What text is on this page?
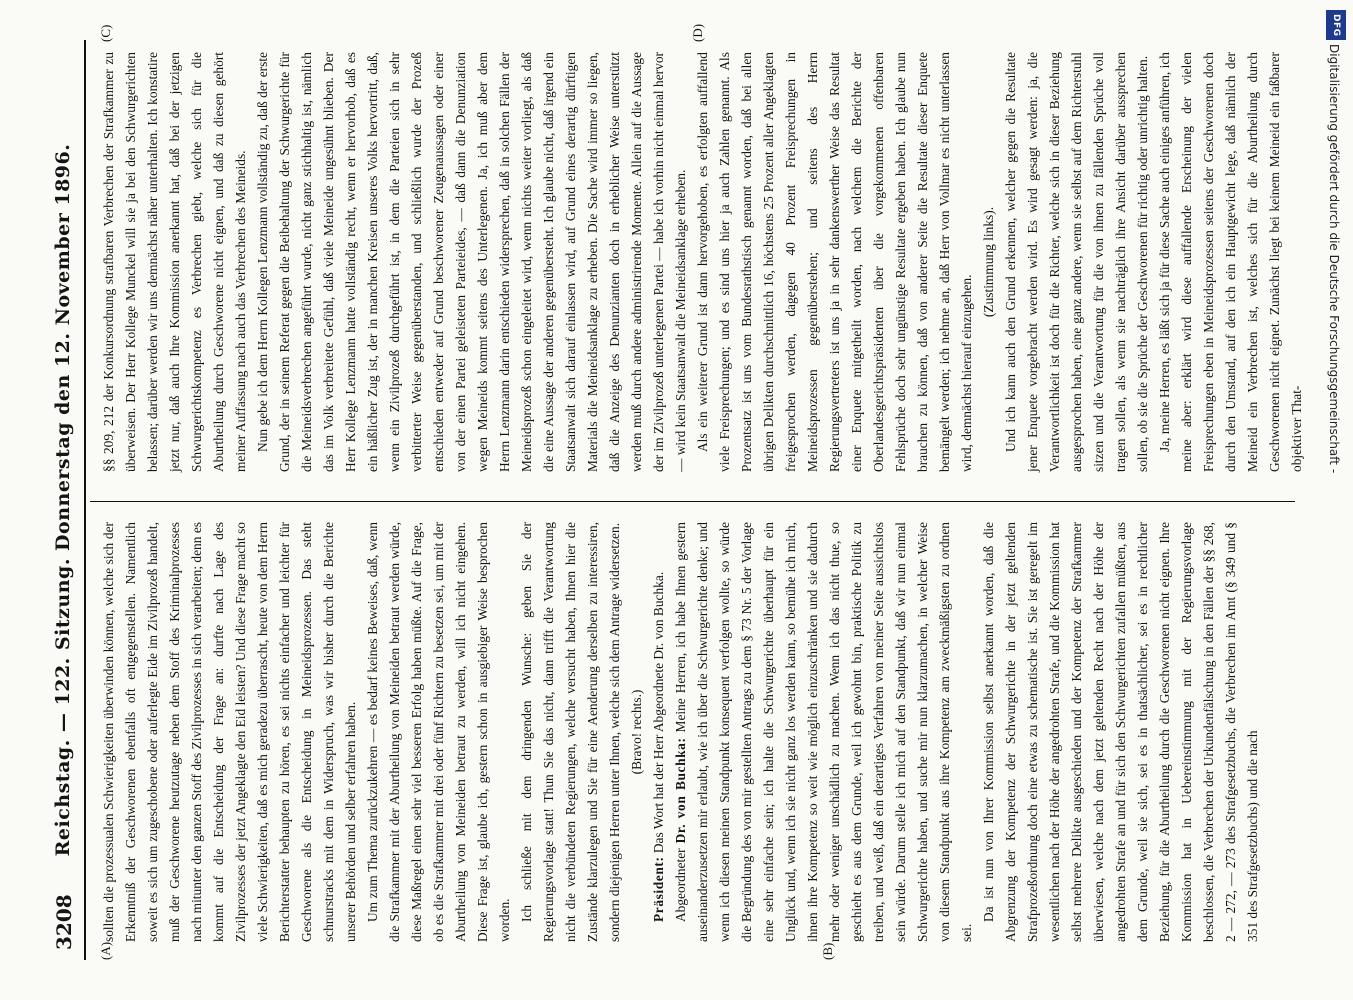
3208
Reichstag. — 122. Sitzung. Donnerstag den 12. November 1896.
(A)	(B)
(C)	(D)

sollten die prozessualen Schwierigkeiten überwinden können, welche sich der Erkenntniß der Geschworenen ebenfalls oft entgegenstellen. Namentlich soweit es sich um zugeschobene oder auferlegte Eide im Zivilprozeß handelt, muß der Geschworene heutzutage neben dem Stoff des Kriminalprozesses nach mitunter den ganzen Stoff des Zivilprozesses in sich verarbeiten; denn es kommt auf die Entscheidung der Frage an: durfte nach Lage des Zivilprozesses der jetzt Angeklagte den Eid leisten? Und diese Frage macht so viele Schwierigkeiten, daß es mich geradezu überrascht, heute von dem Herrn Berichterstatter behaupten zu hören, es sei nichts einfacher und leichter für Geschworene als die Entscheidung in Meineidsprozessen. Das steht schnurstracks mit dem in Widerspruch, was wir bisher durch die Berichte unserer Behörden und selber erfahren haben. Um zum Thema zurückzukehren — es bedarf keines Beweises, daß, wenn die Strafkammer mit der Aburtheilung von Meineiden betraut werden würde, diese Maßregel einen sehr viel besseren Erfolg haben müßte. Auf die Frage, ob es die Strafkammer mit drei oder fünf Richtern zu besetzen sei, um mit der Aburtheilung von Meineiden betraut zu werden, will ich nicht eingehen. Diese Frage ist, glaube ich, gestern schon in ausgiebiger Weise besprochen worden. Ich schließe mit dem dringenden Wunsche: geben Sie der Regierungsvorlage statt! Thun Sie das nicht, dann trifft die Verantwortung nicht die verbündeten Regierungen, welche versucht haben, Ihnen hier die Zustände klarzulegen und Sie für eine Aenderung derselben zu interessiren, sondern diejenigen Herren unter Ihnen, welche sich dem Antrage widersetzen. (Bravo! rechts.)

Präsident: Das Wort hat der Herr Abgeordnete Dr. von Buchka.

Abgeordneter Dr. von Buchka: Meine Herren, ich habe Ihnen gestern auseinanderzusetzen mir erlaubt, wie ich über die Schwurgerichte denke; und wenn ich diesen meinen Standpunkt konsequent verfolgen wollte, so würde die Begründung des von mir gestellten Antrags zu dem § 73 Nr. 5 der Vorlage eine sehr einfache sein; ich halte die Schwurgerichte überhaupt für ein Unglück und, wenn ich sie nicht ganz los werden kann, so bemühe ich mich, ihnen ihre Kompetenz so weit wie möglich einzuschränken und sie dadurch mehr oder weniger unschädlich zu machen. Wenn ich das nicht thue, so geschieht es aus dem Grunde, weil ich gewohnt bin, praktische Politik zu treiben, und weiß, daß ein derartiges Verfahren von meiner Seite aussichtslos sein würde. Darum stelle ich mich auf den Standpunkt, daß wir nun einmal Schwurgerichte haben, und suche mir nun klarzumachen, in welcher Weise von diesem Standpunkt aus ihre Kompetenz am zweckmäßigsten zu ordnen sei.

Da ist nun von Ihrer Kommission selbst anerkannt worden, daß die Abgrenzung der Kompetenz der Schwurgerichte in der jetzt geltenden Strafprozeßordnung doch eine etwas zu schematische ist. Sie ist geregelt im wesentlichen nach der Höhe der angedrohten Strafe, und die Kommission hat selbst mehrere Delikte ausgeschieden und der Kompetenz der Strafkammer überwiesen, welche nach dem jetzt geltenden Recht nach der Höhe der angedrohten Strafe an und für sich den Schwurgerichten zufallen müßten, aus dem Grunde, weil sie sich, sei es in thatsächlicher, sei es in rechtlicher Beziehung, für die Aburtheilung durch die Geschworenen nicht eignen. Ihre Kommission hat in Uebereinstimmung mit der Regierungsvorlage beschlossen, die Verbrechen der Urkundenfälschung in den Fällen der §§ 268, 2 — 272, — 273 des Strafgesetzbuchs, die Verbrechen im Amt (§ 349 und § 351 des Strafgesetzbuchs) und die nach

§§ 209, 212 der Konkursordnung strafbaren Verbrechen der Strafkammer zu überweisen. Der Herr Kollege Munckel will sie ja bei den Schwurgerichten belassen; darüber werden wir uns demnächst näher unterhalten. Ich konstatire jetzt nur, daß auch Ihre Kommission anerkannt hat, daß bei der jetzigen Schwurgerichtskompetenz es Verbrechen giebt, welche sich für die Aburtheilung durch Geschworene nicht eignen, und daß zu diesen gehört meiner Auffassung nach auch das Verbrechen des Meineids. Nun gebe ich dem Herrn Kollegen Lenzmann vollständig zu, daß der erste Grund, der in seinem Referat gegen die Beibehaltung der Schwurgerichte für die Meineidsverbrechen angeführt wurde, nicht ganz stichhaltig ist, nämlich das im Volk verbreitete Gefühl, daß viele Meineide ungesühnt blieben. Der Herr Kollege Lenzmann hatte vollständig recht, wenn er hervorhob, daß es ein häßlicher Zug ist, der in manchen Kreisen unseres Volks hervortritt, daß, wenn ein Zivilprozeß durchgeführt ist, in dem die Parteien sich in sehr verbitterter Weise gegenüberstanden, und schließlich wurde der Prozeß entschieden entweder auf Grund beschworener Zeugenaussagen oder einer von der einen Partei geleisteten Parteieides, — daß dann die Denunziation wegen Meineids kommt seitens des Unterlegenen. Ja, ich muß aber dem Herrn Lenzmann darin entschieden widersprechen, daß in solchen Fällen der Meineidsprozeß schon eingeleitet wird, wenn nichts weiter vorliegt, als daß die eine Aussage der anderen gegenübersteht. Ich glaube nicht, daß irgend ein Staatsanwalt sich darauf einlassen wird, auf Grund eines derartig dürftigen Materials die Meineidsanklage zu erheben. Die Sache wird immer so liegen, daß die Anzeige des Denunzianten doch in erheblicher Weise unterstützt werden muß durch andere administrirende Momente. Allein auf die Aussage der im Zivilprozeß unterlegenen Partei — habe ich vorhin nicht einmal hervor — wird kein Staatsanwalt die Meineidsanklage erheben. Als ein weiterer Grund ist dann hervorgehoben, es erfolgten auffallend viele Freisprechungen; und es sind uns hier ja auch Zahlen genannt. Als Prozentsatz ist uns vom Bundesrathstisch genannt worden, daß bei allen übrigen Delikten durchschnittlich 16, höchstens 25 Prozent aller Angeklagten freigesprochen werden, dagegen 40 Prozent Freisprechungen in Meineidsprozessen gegenüberstehen; und seitens des Herrn Regierungsvertreters ist uns ja in sehr dankenswerther Weise das Resultat einer Enquete mitgetheilt worden, nach welchem die Berichte der Oberlandesgerichtspräsidenten über die vorgekommenen offenbaren Fehlsprüche doch sehr ungünstige Resultate ergeben haben. Ich glaube nun brauchen zu können, daß von anderer Seite die Resultate dieser Enquete bemängelt werden; ich nehme an, daß Herr von Vollmar es nicht unterlassen wird, demnächst hierauf einzugehen.

(Zustimmung links). Und ich kann auch den Grund erkennen, welcher gegen die Resultate jener Enquete vorgebracht werden wird. Es wird gesagt werden: ja, die Verantwortlichkeit ist doch für die Richter, welche sich in dieser Beziehung ausgesprochen haben, eine ganz andere, wenn sie selbst auf dem Richterstuhl sitzen und die Verantwortung für die von ihnen zu fällenden Sprüche voll tragen sollen, als wenn sie nachträglich ihre Ansicht darüber aussprechen sollen, ob sie die Sprüche der Geschworenen für richtig oder unrichtig halten. Ja, meine Herren, es läßt sich ja für diese Sache auch einiges anführen, ich meine aber: erklärt wird diese auffallende Erscheinung der vielen Freisprechungen eben in Meineidsprozessen seitens der Geschworenen doch durch den Umstand, auf den ich ein Hauptgewicht lege, daß nämlich der Meineid ein Verbrechen ist, welches sich für die Aburtheilung durch Geschworenen nicht eignet. Zunächst liegt bei keinem Meineid ein faßbarer objektiver That-

DFG
Digitalisierung gefördert durch die Deutsche Forschungsgemeinschaft -
